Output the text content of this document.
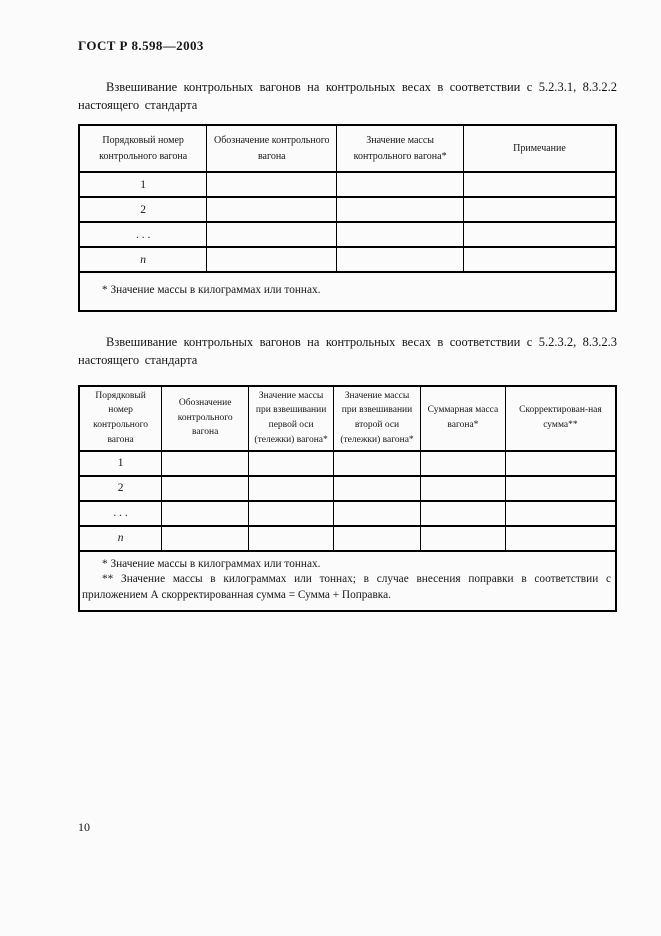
ГОСТ Р 8.598—2003

Взвешивание контрольных вагонов на контрольных весах в соответствии с 5.2.3.1, 8.3.2.2 настоящего стандарта

Порядковый номер контрольного вагона	Обозначение контрольного вагона	Значение массы контрольного вагона*	Примечание
1			
2			
. . .			
n			

* Значение массы в килограммах или тоннах.			

Взвешивание контрольных вагонов на контрольных весах в соответствии с 5.2.3.2, 8.3.2.3 настоящего стандарта

Порядковый номер контрольного вагона	Обозначение контрольного вагона	Значение массы при взвешивании первой оси (тележки) вагона*	Значение массы при взвешивании второй оси (тележки) вагона*	Суммарная масса вагона*	Скорректирован-ная сумма**
1					
2					
. . .					
n					

* Значение массы в килограммах или тоннах.

** Значение массы в килограммах или тоннах; в случае внесения поправки в соответствии с приложением А скорректированная сумма = Сумма + Поправка.					

10
